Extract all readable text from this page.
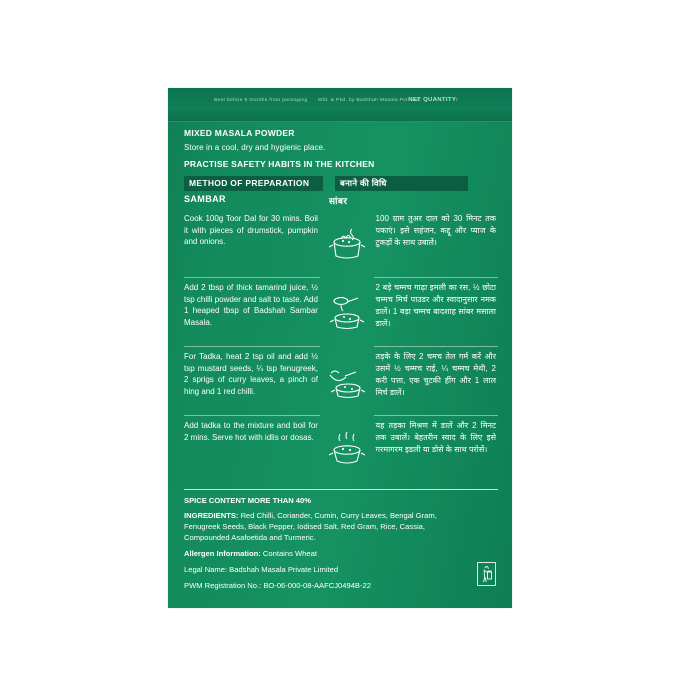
Best before 9 months from packaging Mfd. & Pkd. by Badshah Masala Pvt. Ltd.
NET QUANTITY:
MIXED MASALA POWDER
Store in a cool, dry and hygienic place.
PRACTISE SAFETY HABITS IN THE KITCHEN
METHOD OF PREPARATION	बनाने की विधि
SAMBAR	सांबर
Cook 100g Toor Dal for 30 mins. Boil it with pieces of drumstick, pumpkin and onions.
Add 2 tbsp of thick tamarind juice, ½ tsp chilli powder and salt to taste. Add 1 heaped tbsp of Badshah Sambar Masala.
For Tadka, heat 2 tsp oil and add ½ tsp mustard seeds, ¼ tsp fenugreek, 2 sprigs of curry leaves, a pinch of hing and 1 red chilli.
Add tadka to the mixture and boil for 2 mins. Serve hot with idlis or dosas.
100 ग्राम तुअर दाल को 30 मिनट तक पकाएं। इसे सहंजन, कद्दू और प्याज के टुकड़ों के साथ उबालें।
2 बड़े चम्मच गाढ़ा इमली का रस, ½ छोटा चम्मच मिर्च पाउडर और स्वादानुसार नमक डालें। 1 बड़ा चम्मच बादशाह सांबर मसाला डालें।
तड़के के लिए 2 चमच तेल गर्म करें और उसमें ½ चम्मच राई, ¼ चम्मच मेथी, 2 करी पत्ता, एक चुटकी हींग और 1 लाल मिर्च डालें।
यह तड़का मिश्रण में डालें और 2 मिनट तक उबालें। बेहतरीन स्वाद के लिए इसे गरमागरम इडली या डोसे के साथ परोसें।

SPICE CONTENT MORE THAN 40%

INGREDIENTS: Red Chilli, Coriander, Cumin, Curry Leaves, Bengal Gram, Fenugreek Seeds, Black Pepper, Iodised Salt, Red Gram, Rice, Cassia, Compounded Asafoetida and Turmeric.

Allergen Information: Contains Wheat

Legal Name: Badshah Masala Private Limited

PWM Registration No.: BO-06-000-08-AAFCJ0494B-22
